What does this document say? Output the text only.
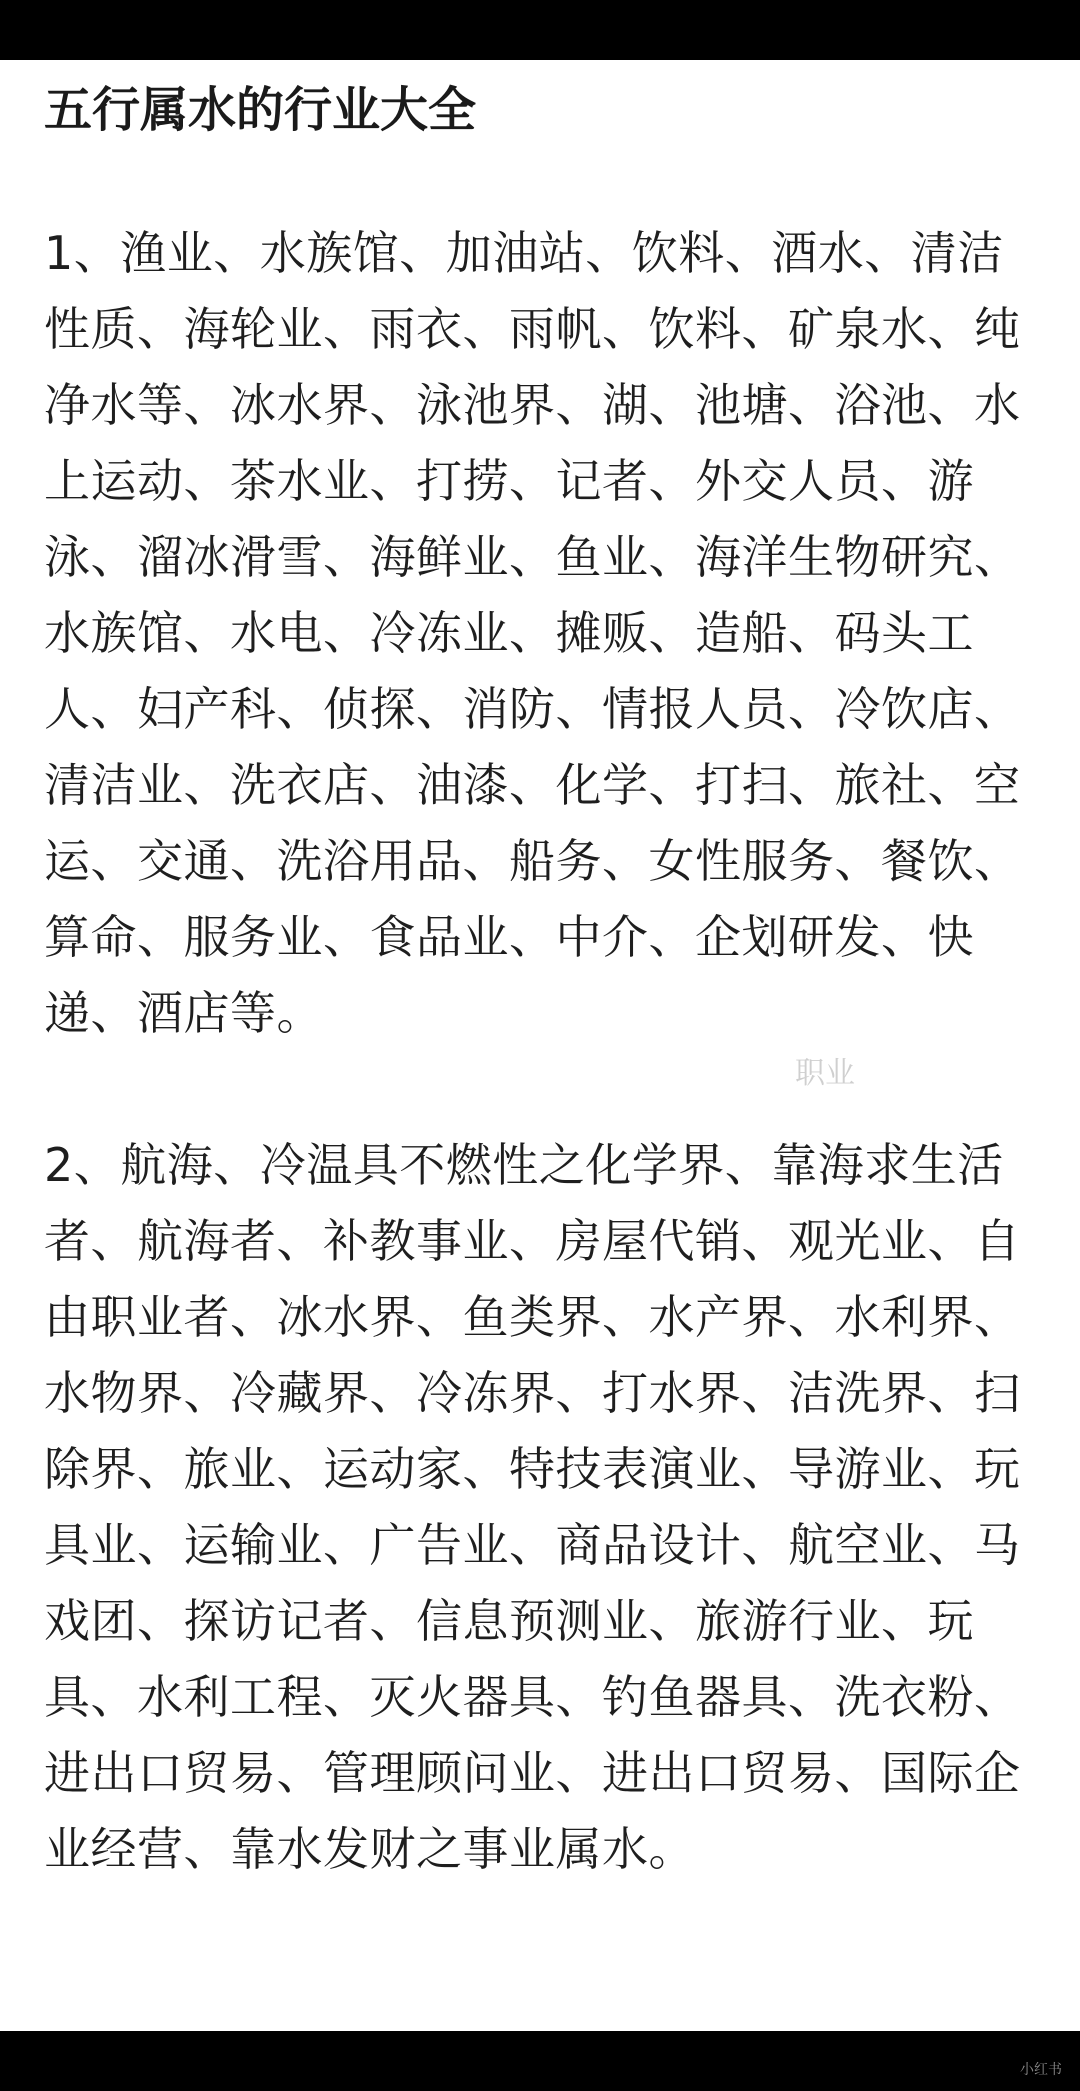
五行属水的行业大全

1、渔业、水族馆、加油站、饮料、酒水、清洁性质、海轮业、雨衣、雨帆、饮料、矿泉水、纯净水等、冰水界、泳池界、湖、池塘、浴池、水上运动、茶水业、打捞、记者、外交人员、游泳、溜冰滑雪、海鲜业、鱼业、海洋生物研究、水族馆、水电、冷冻业、摊贩、造船、码头工人、妇产科、侦探、消防、情报人员、冷饮店、清洁业、洗衣店、油漆、化学、打扫、旅社、空运、交通、洗浴用品、船务、女性服务、餐饮、算命、服务业、食品业、中介、企划研发、快递、酒店等。

2、航海、冷温具不燃性之化学界、靠海求生活者、航海者、补教事业、房屋代销、观光业、自由职业者、冰水界、鱼类界、水产界、水利界、水物界、冷藏界、冷冻界、打水界、洁洗界、扫除界、旅业、运动家、特技表演业、导游业、玩具业、运输业、广告业、商品设计、航空业、马戏团、探访记者、信息预测业、旅游行业、玩具、水利工程、灭火器具、钓鱼器具、洗衣粉、进出口贸易、管理顾问业、进出口贸易、国际企业经营、靠水发财之事业属水。

职业
小红书
